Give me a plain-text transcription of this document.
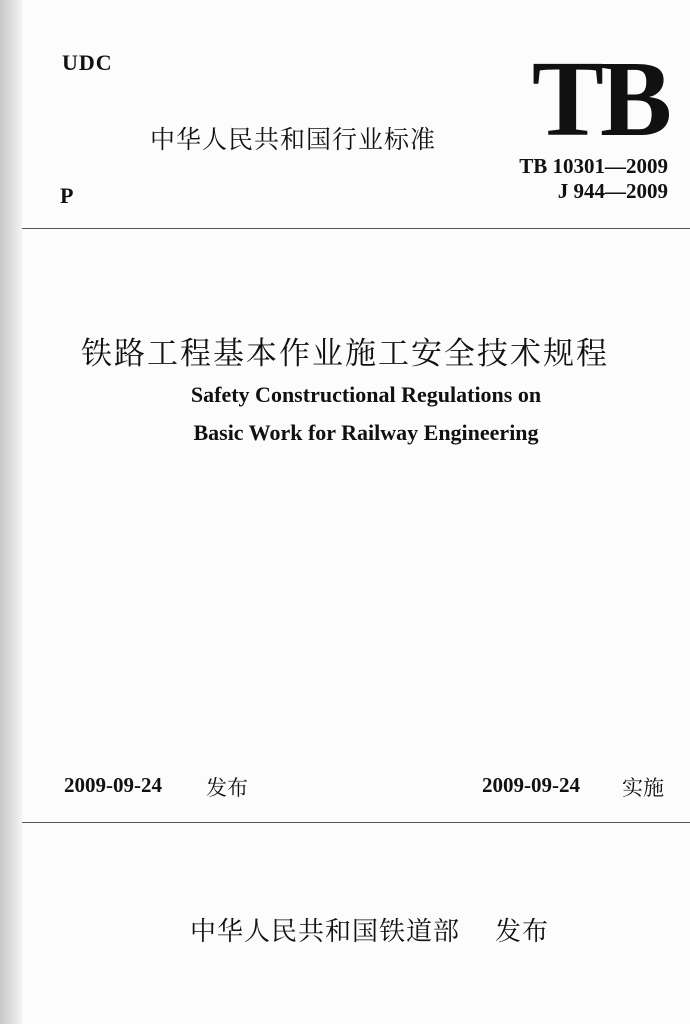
UDC
P
中华人民共和国行业标准 TB
TB 10301—2009
J 944—2009
铁路工程基本作业施工安全技术规程
Safety Constructional Regulations on
Basic Work for Railway Engineering
2009-09-24 发布	2009-09-24 实施
中华人民共和国铁道部 发布
